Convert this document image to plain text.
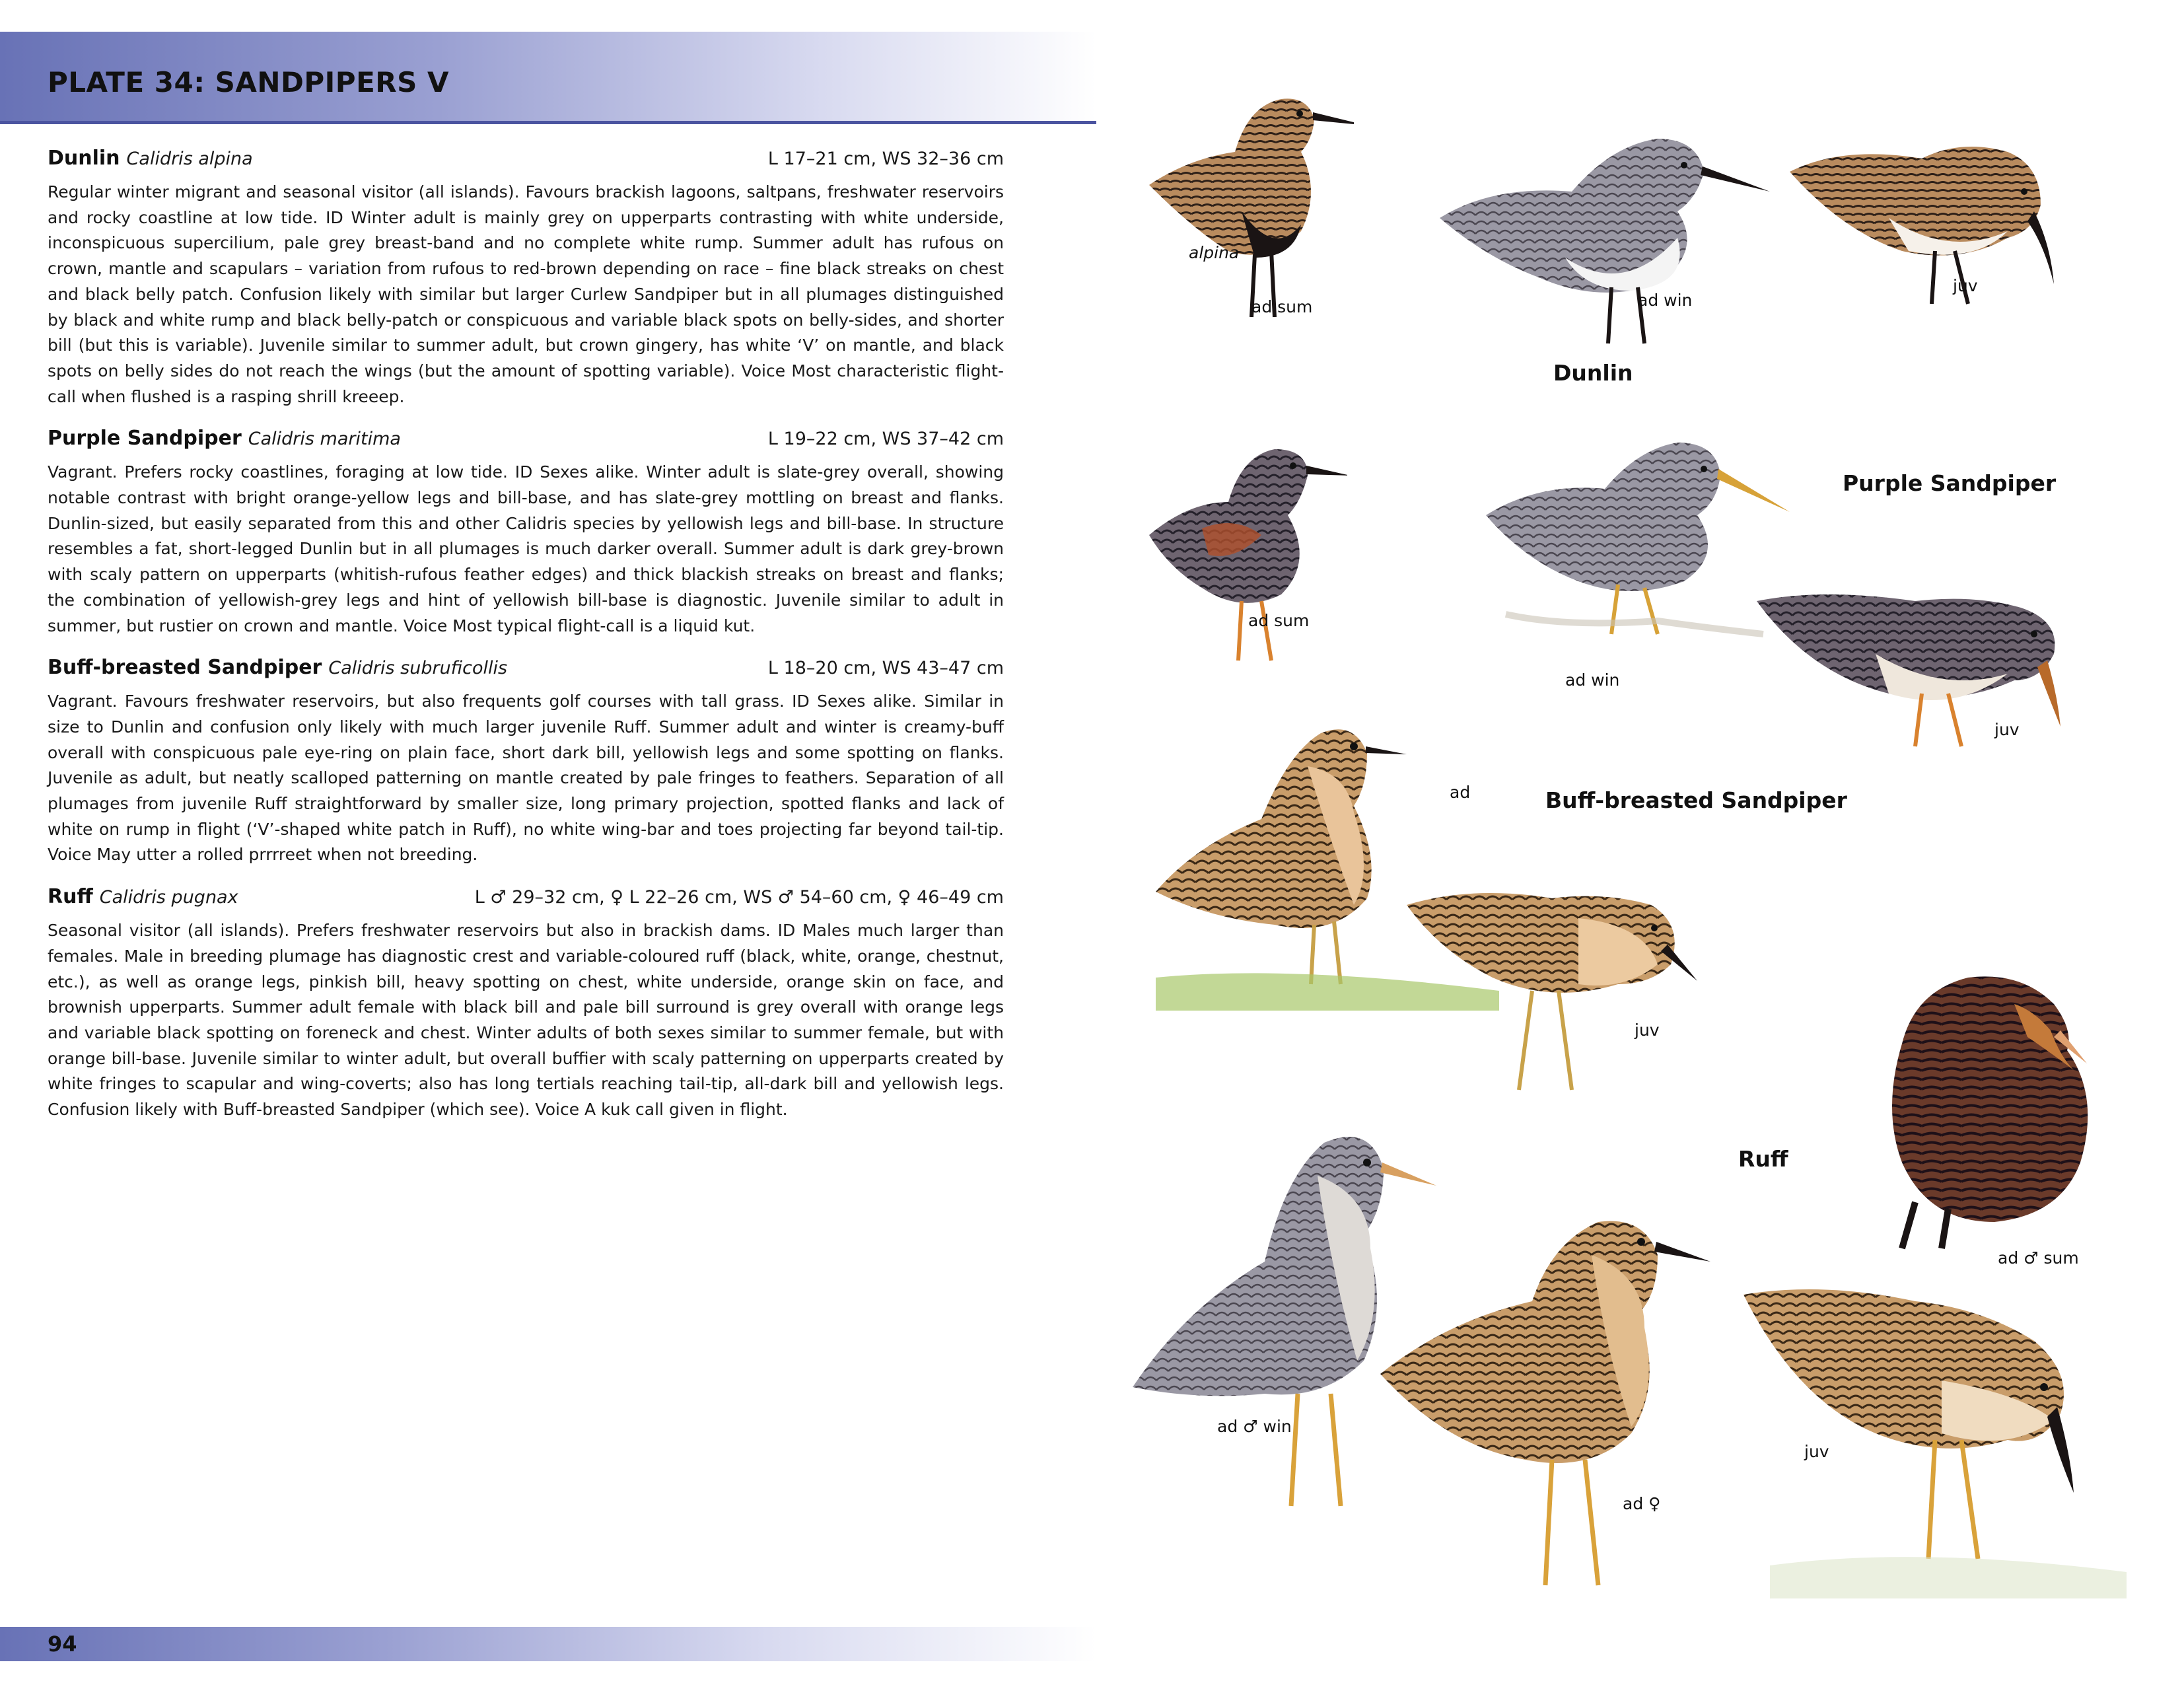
PLATE 34: SANDPIPERS V
Dunlin Calidris alpina	L 17–21 cm, WS 32–36 cm

Regular winter migrant and seasonal visitor (all islands). Favours brackish lagoons, saltpans, freshwater reservoirs and rocky coastline at low tide. ID Winter adult is mainly grey on upperparts contrasting with white underside, inconspicuous supercilium, pale grey breast-band and no complete white rump. Summer adult has rufous on crown, mantle and scapulars – variation from rufous to red-brown depending on race – fine black streaks on chest and black belly patch. Confusion likely with similar but larger Curlew Sandpiper but in all plumages distinguished by black and white rump and black belly-patch or conspicuous and variable black spots on belly-sides, and shorter bill (but this is variable). Juvenile similar to summer adult, but crown gingery, has white ‘V’ on mantle, and black spots on belly sides do not reach the wings (but the amount of spotting variable). Voice Most characteristic flight-call when flushed is a rasping shrill kreeep.

Purple Sandpiper Calidris maritima	L 19–22 cm, WS 37–42 cm

Vagrant. Prefers rocky coastlines, foraging at low tide. ID Sexes alike. Winter adult is slate-grey overall, showing notable contrast with bright orange-yellow legs and bill-base, and has slate-grey mottling on breast and flanks. Dunlin-sized, but easily separated from this and other Calidris species by yellowish legs and bill-base. In structure resembles a fat, short-legged Dunlin but in all plumages is much darker overall. Summer adult is dark grey-brown with scaly pattern on upperparts (whitish-rufous feather edges) and thick blackish streaks on breast and flanks; the combination of yellowish-grey legs and hint of yellowish bill-base is diagnostic. Juvenile similar to adult in summer, but rustier on crown and mantle. Voice Most typical flight-call is a liquid kut.

Buff-breasted Sandpiper Calidris subruficollis	L 18–20 cm, WS 43–47 cm

Vagrant. Favours freshwater reservoirs, but also frequents golf courses with tall grass. ID Sexes alike. Similar in size to Dunlin and confusion only likely with much larger juvenile Ruff. Summer adult and winter is creamy-buff overall with conspicuous pale eye-ring on plain face, short dark bill, yellowish legs and some spotting on flanks. Juvenile as adult, but neatly scalloped patterning on mantle created by pale fringes to feathers. Separation of all plumages from juvenile Ruff straightforward by smaller size, long primary projection, spotted flanks and lack of white on rump in flight (‘V’-shaped white patch in Ruff), no white wing-bar and toes projecting far beyond tail-tip. Voice May utter a rolled prrrreet when not breeding.

Ruff Calidris pugnax	L ♂ 29–32 cm, ♀ L 22–26 cm, WS ♂ 54–60 cm, ♀ 46–49 cm

Seasonal visitor (all islands). Prefers freshwater reservoirs but also in brackish dams. ID Males much larger than females. Male in breeding plumage has diagnostic crest and variable-coloured ruff (black, white, orange, chestnut, etc.), as well as orange legs, pinkish bill, heavy spotting on chest, white underside, orange skin on face, and brownish upperparts. Summer adult female with black bill and pale bill surround is grey overall with orange legs and variable black spotting on foreneck and chest. Winter adults of both sexes similar to summer female, but with orange bill-base. Juvenile similar to winter adult, but overall buffier with scaly patterning on upperparts created by white fringes to scapular and wing-coverts; also has long tertials reaching tail-tip, all-dark bill and yellowish legs. Confusion likely with Buff-breasted Sandpiper (which see). Voice A kuk call given in flight.

94
alpina
ad sum	ad win
juv
Dunlin
ad sum
ad win
juv
Purple Sandpiper
ad
juv
Buff-breasted Sandpiper
ad ♂ sum
ad ♂ win
ad ♀
juv
Ruff
